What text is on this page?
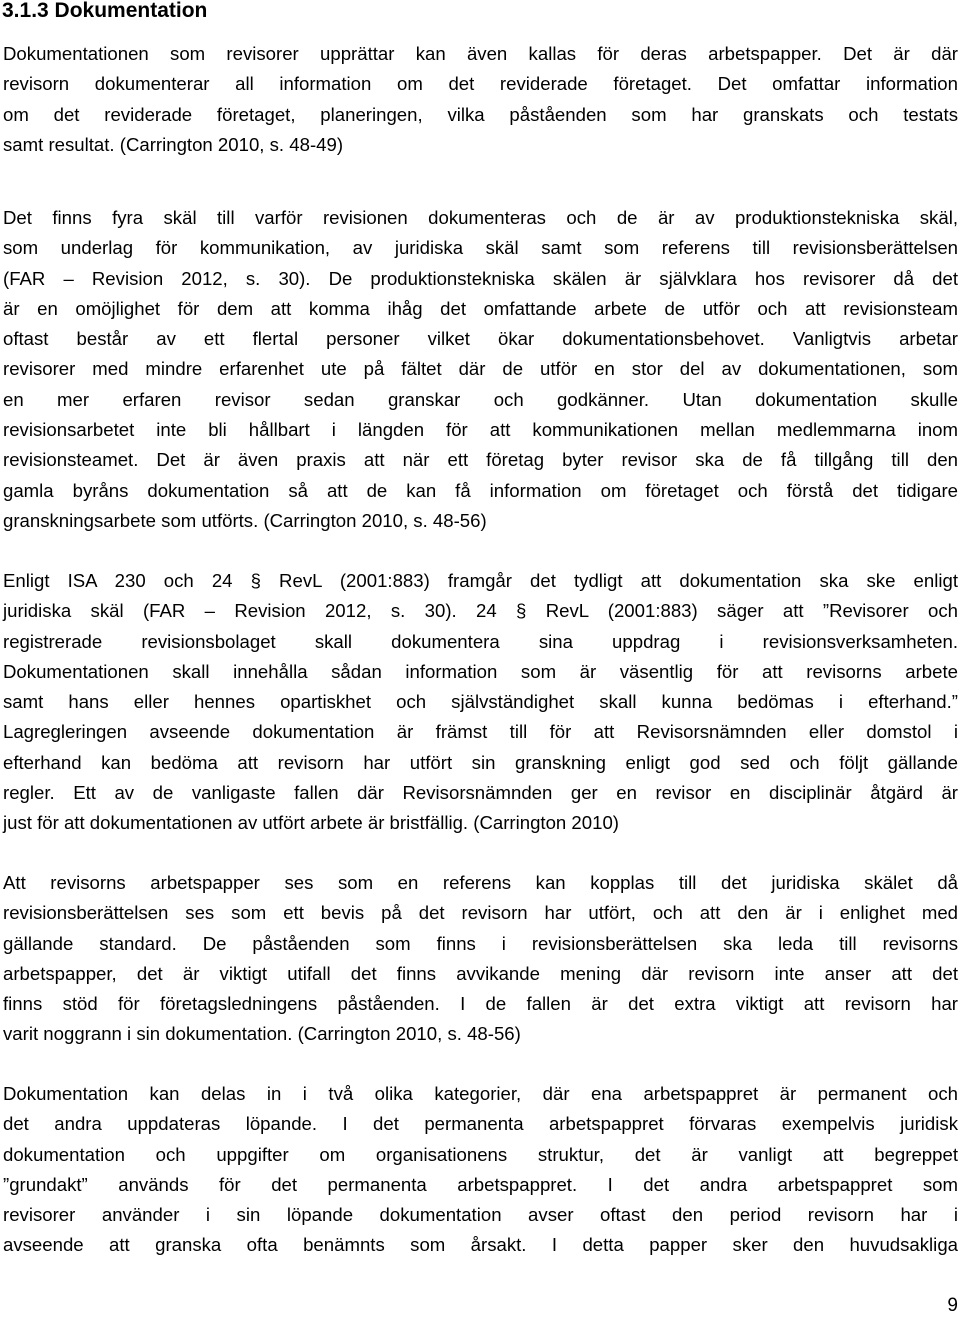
3.1.3 Dokumentation
Dokumentationen som revisorer upprättar kan även kallas för deras arbetspapper. Det är där
revisorn dokumenterar all information om det reviderade företaget. Det omfattar information
om det reviderade företaget, planeringen, vilka påståenden som har granskats och testats
samt resultat. (Carrington 2010, s. 48-49)
Det finns fyra skäl till varför revisionen dokumenteras och de är av produktionstekniska skäl,
som underlag för kommunikation, av juridiska skäl samt som referens till revisionsberättelsen
(FAR – Revision 2012, s. 30). De produktionstekniska skälen är självklara hos revisorer då det
är en omöjlighet för dem att komma ihåg det omfattande arbete de utför och att revisionsteam
oftast består av ett flertal personer vilket ökar dokumentationsbehovet. Vanligtvis arbetar
revisorer med mindre erfarenhet ute på fältet där de utför en stor del av dokumentationen, som
en mer erfaren revisor sedan granskar och godkänner. Utan dokumentation skulle
revisionsarbetet inte bli hållbart i längden för att kommunikationen mellan medlemmarna inom
revisionsteamet. Det är även praxis att när ett företag byter revisor ska de få tillgång till den
gamla byråns dokumentation så att de kan få information om företaget och förstå det tidigare
granskningsarbete som utförts. (Carrington 2010, s. 48-56)
Enligt ISA 230 och 24 § RevL (2001:883) framgår det tydligt att dokumentation ska ske enligt
juridiska skäl (FAR – Revision 2012, s. 30). 24 § RevL (2001:883) säger att ”Revisorer och
registrerade revisionsbolaget skall dokumentera sina uppdrag i revisionsverksamheten.
Dokumentationen skall innehålla sådan information som är väsentlig för att revisorns arbete
samt hans eller hennes opartiskhet och självständighet skall kunna bedömas i efterhand.”
Lagregleringen avseende dokumentation är främst till för att Revisorsnämnden eller domstol i
efterhand kan bedöma att revisorn har utfört sin granskning enligt god sed och följt gällande
regler. Ett av de vanligaste fallen där Revisorsnämnden ger en revisor en disciplinär åtgärd är
just för att dokumentationen av utfört arbete är bristfällig. (Carrington 2010)
Att revisorns arbetspapper ses som en referens kan kopplas till det juridiska skälet då
revisionsberättelsen ses som ett bevis på det revisorn har utfört, och att den är i enlighet med
gällande standard. De påståenden som finns i revisionsberättelsen ska leda till revisorns
arbetspapper, det är viktigt utifall det finns avvikande mening där revisorn inte anser att det
finns stöd för företagsledningens påståenden. I de fallen är det extra viktigt att revisorn har
varit noggrann i sin dokumentation. (Carrington 2010, s. 48-56)
Dokumentation kan delas in i två olika kategorier, där ena arbetspappret är permanent och
det andra uppdateras löpande. I det permanenta arbetspappret förvaras exempelvis juridisk
dokumentation och uppgifter om organisationens struktur, det är vanligt att begreppet
”grundakt” används för det permanenta arbetspappret. I det andra arbetspappret som
revisorer använder i sin löpande dokumentation avser oftast den period revisorn har i
avseende att granska ofta benämnts som årsakt. I detta papper sker den huvudsakliga
9
